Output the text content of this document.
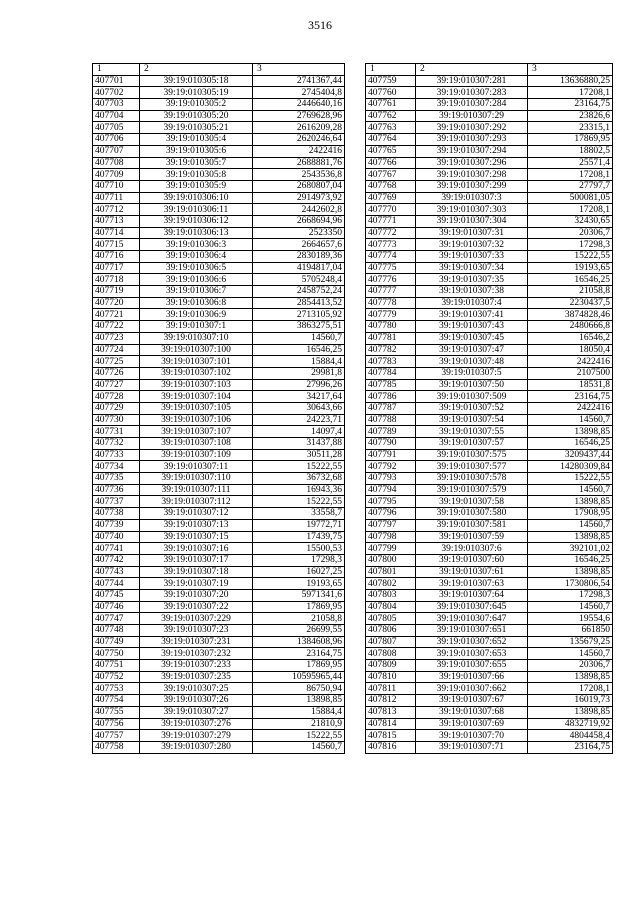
3516
1	2	3
407701	39:19:010305:18	2741367,44
407702	39:19:010305:19	2745404,8
407703	39:19:010305:2	2446640,16
407704	39:19:010305:20	2769628,96
407705	39:19:010305:21	2616209,28
407706	39:19:010305:4	2620246,64
407707	39:19:010305:6	2422416
407708	39:19:010305:7	2688881,76
407709	39:19:010305:8	2543536,8
407710	39:19:010305:9	2680807,04
407711	39:19:010306:10	2914973,92
407712	39:19:010306:11	2442602,8
407713	39:19:010306:12	2668694,96
407714	39:19:010306:13	2523350
407715	39:19:010306:3	2664657,6
407716	39:19:010306:4	2830189,36
407717	39:19:010306:5	4194817,04
407718	39:19:010306:6	5705248,4
407719	39:19:010306:7	2458752,24
407720	39:19:010306:8	2854413,52
407721	39:19:010306:9	2713105,92
407722	39:19:010307:1	3863275,51
407723	39:19:010307:10	14560,7
407724	39:19:010307:100	16546,25
407725	39:19:010307:101	15884,4
407726	39:19:010307:102	29981,8
407727	39:19:010307:103	27996,26
407728	39:19:010307:104	34217,64
407729	39:19:010307:105	30643,66
407730	39:19:010307:106	24223,71
407731	39:19:010307:107	14097,4
407732	39:19:010307:108	31437,88
407733	39:19:010307:109	30511,28
407734	39:19:010307:11	15222,55
407735	39:19:010307:110	36732,68
407736	39:19:010307:111	16943,36
407737	39:19:010307:112	15222,55
407738	39:19:010307:12	33558,7
407739	39:19:010307:13	19772,71
407740	39:19:010307:15	17439,75
407741	39:19:010307:16	15500,53
407742	39:19:010307:17	17298,3
407743	39:19:010307:18	16027,25
407744	39:19:010307:19	19193,65
407745	39:19:010307:20	5971341,6
407746	39:19:010307:22	17869,95
407747	39:19:010307:229	21058,8
407748	39:19:010307:23	26699,55
407749	39:19:010307:231	1384608,96
407750	39:19:010307:232	23164,75
407751	39:19:010307:233	17869,95
407752	39:19:010307:235	10595965,44
407753	39:19:010307:25	86750,94
407754	39:19:010307:26	13898,85
407755	39:19:010307:27	15884,4
407756	39:19:010307:276	21810,9
407757	39:19:010307:279	15222,55
407758	39:19:010307:280	14560,7
1	2	3
407759	39:19:010307:281	13636880,25
407760	39:19:010307:283	17208,1
407761	39:19:010307:284	23164,75
407762	39:19:010307:29	23826,6
407763	39:19:010307:292	23315,1
407764	39:19:010307:293	17869,95
407765	39:19:010307:294	18802,5
407766	39:19:010307:296	25571,4
407767	39:19:010307:298	17208,1
407768	39:19:010307:299	27797,7
407769	39:19:010307:3	500081,05
407770	39:19:010307:303	17208,1
407771	39:19:010307:304	32430,65
407772	39:19:010307:31	20306,7
407773	39:19:010307:32	17298,3
407774	39:19:010307:33	15222,55
407775	39:19:010307:34	19193,65
407776	39:19:010307:35	16546,25
407777	39:19:010307:38	21058,8
407778	39:19:010307:4	2230437,5
407779	39:19:010307:41	3874828,46
407780	39:19:010307:43	2480666,8
407781	39:19:010307:45	16546,2
407782	39:19:010307:47	18050,4
407783	39:19:010307:48	2422416
407784	39:19:010307:5	2107500
407785	39:19:010307:50	18531,8
407786	39:19:010307:509	23164,75
407787	39:19:010307:52	2422416
407788	39:19:010307:54	14560,7
407789	39:19:010307:55	13898,85
407790	39:19:010307:57	16546,25
407791	39:19:010307:575	3209437,44
407792	39:19:010307:577	14280309,84
407793	39:19:010307:578	15222,55
407794	39:19:010307:579	14560,7
407795	39:19:010307:58	13898,85
407796	39:19:010307:580	17908,95
407797	39:19:010307:581	14560,7
407798	39:19:010307:59	13898,85
407799	39:19:010307:6	392101,02
407800	39:19:010307:60	16546,25
407801	39:19:010307:61	13898,85
407802	39:19:010307:63	1730806,54
407803	39:19:010307:64	17298,3
407804	39:19:010307:645	14560,7
407805	39:19:010307:647	19554,6
407806	39:19:010307:651	661850
407807	39:19:010307:652	135679,25
407808	39:19:010307:653	14560,7
407809	39:19:010307:655	20306,7
407810	39:19:010307:66	13898,85
407811	39:19:010307:662	17208,1
407812	39:19:010307:67	16019,73
407813	39:19:010307:68	13898,85
407814	39:19:010307:69	4832719,92
407815	39:19:010307:70	4804458,4
407816	39:19:010307:71	23164,75
